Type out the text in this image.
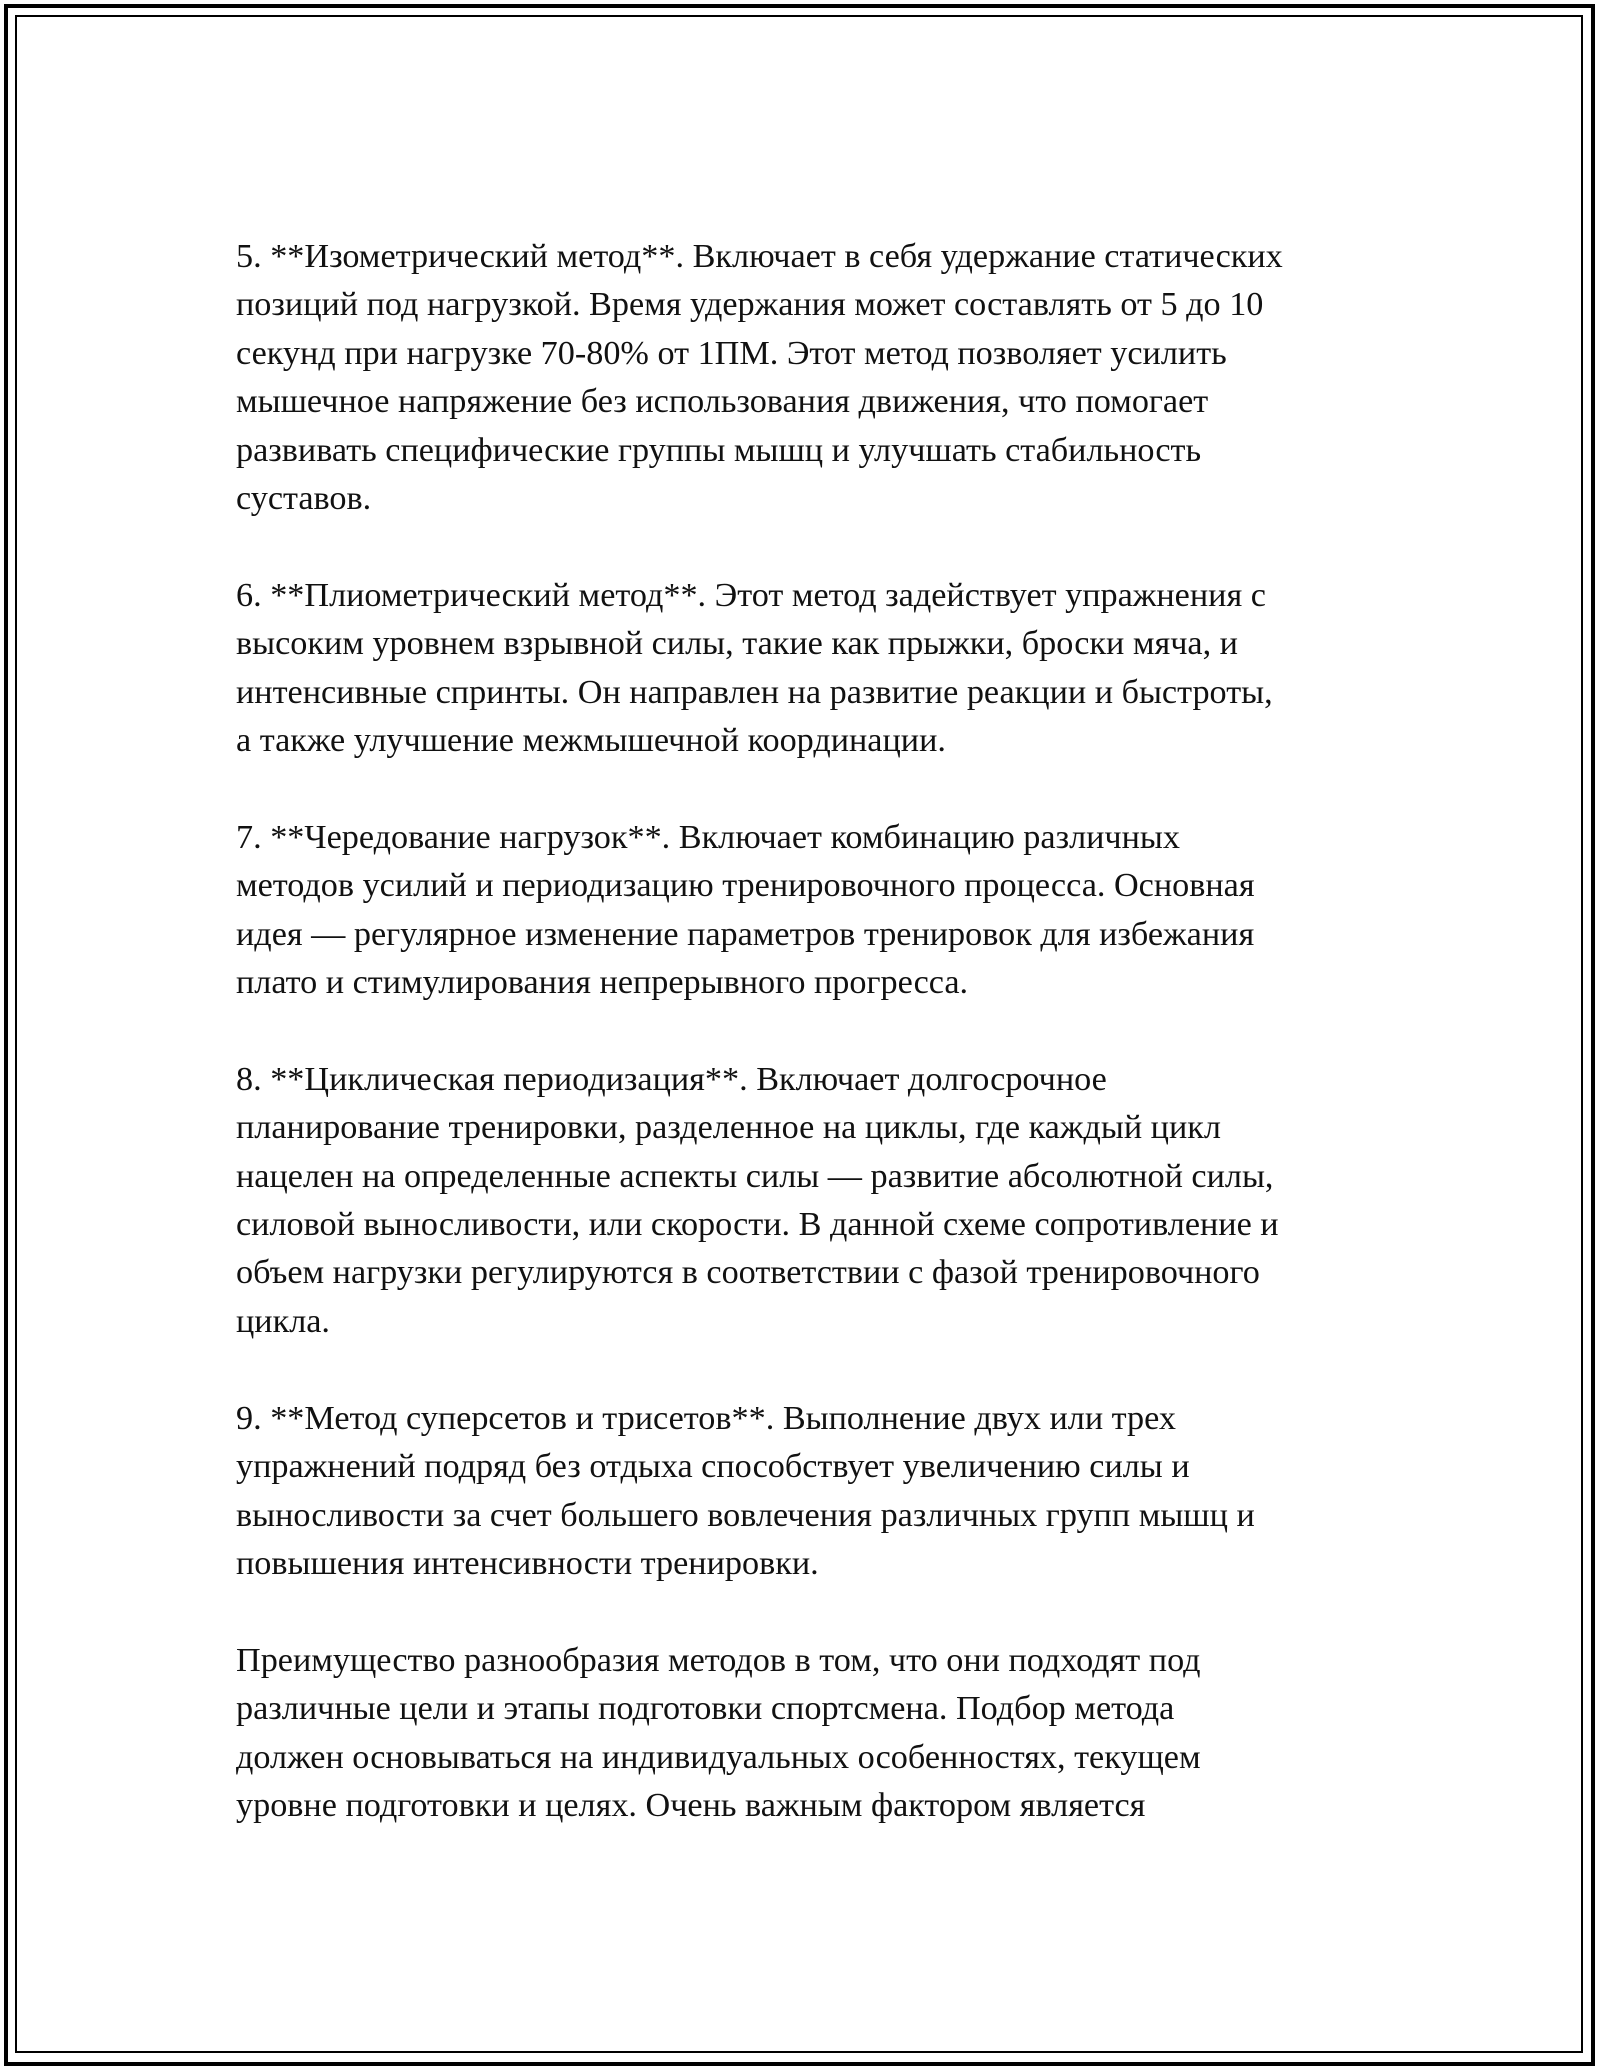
5. **Изометрический метод**. Включает в себя удержание статических
позиций под нагрузкой. Время удержания может составлять от 5 до 10
секунд при нагрузке 70-80% от 1ПМ. Этот метод позволяет усилить
мышечное напряжение без использования движения, что помогает
развивать специфические группы мышц и улучшать стабильность
суставов.

6. **Плиометрический метод**. Этот метод задействует упражнения с
высоким уровнем взрывной силы, такие как прыжки, броски мяча, и
интенсивные спринты. Он направлен на развитие реакции и быстроты,
а также улучшение межмышечной координации.

7. **Чередование нагрузок**. Включает комбинацию различных
методов усилий и периодизацию тренировочного процесса. Основная
идея — регулярное изменение параметров тренировок для избежания
плато и стимулирования непрерывного прогресса.

8. **Циклическая периодизация**. Включает долгосрочное
планирование тренировки, разделенное на циклы, где каждый цикл
нацелен на определенные аспекты силы — развитие абсолютной силы,
силовой выносливости, или скорости. В данной схеме сопротивление и
объем нагрузки регулируются в соответствии с фазой тренировочного
цикла.

9. **Метод суперсетов и трисетов**. Выполнение двух или трех
упражнений подряд без отдыха способствует увеличению силы и
выносливости за счет большего вовлечения различных групп мышц и
повышения интенсивности тренировки.

Преимущество разнообразия методов в том, что они подходят под
различные цели и этапы подготовки спортсмена. Подбор метода
должен основываться на индивидуальных особенностях, текущем
уровне подготовки и целях. Очень важным фактором является
